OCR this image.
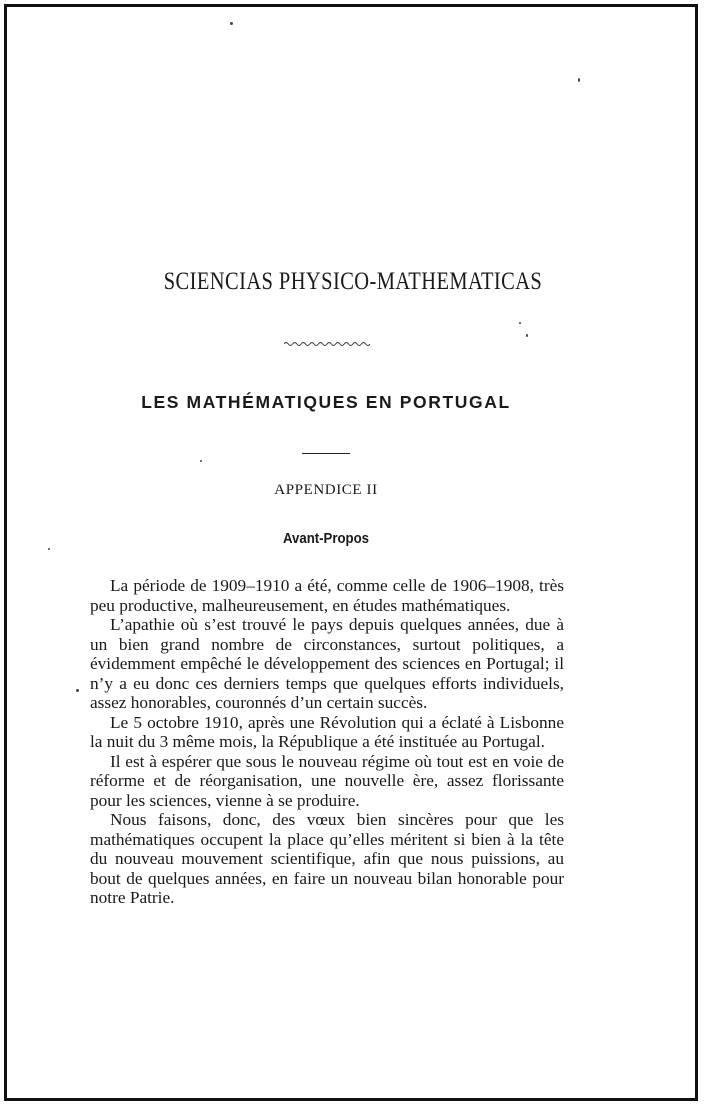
SCIENCIAS PHYSICO-MATHEMATICAS
LES MATHÉMATIQUES EN PORTUGAL
APPENDICE II
Avant-Propos

La période de 1909–1910 a été, comme celle de 1906–1908, très peu productive, malheureusement, en études mathématiques.

L’apathie où s’est trouvé le pays depuis quelques années, due à un bien grand nombre de circonstances, surtout politiques, a évidemment empêché le développement des sciences en Portugal; il n’y a eu donc ces derniers temps que quelques efforts individuels, assez honorables, couronnés d’un certain succès.

Le 5 octobre 1910, après une Révolution qui a éclaté à Lisbonne la nuit du 3 même mois, la République a été instituée au Portugal.

Il est à espérer que sous le nouveau régime où tout est en voie de réforme et de réorganisation, une nouvelle ère, assez florissante pour les sciences, vienne à se produire.

Nous faisons, donc, des vœux bien sincères pour que les mathématiques occupent la place qu’elles méritent si bien à la tête du nouveau mouvement scientifique, afin que nous puissions, au bout de quelques années, en faire un nouveau bilan honorable pour notre Patrie.
